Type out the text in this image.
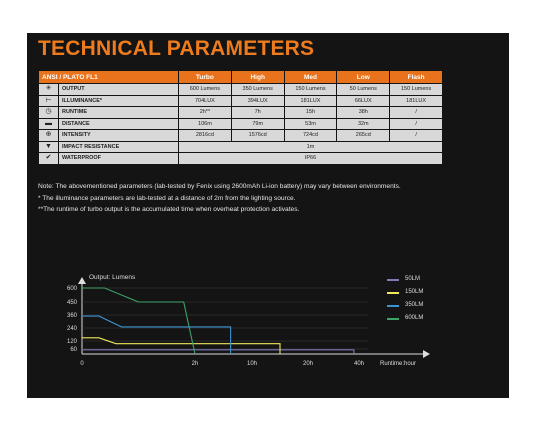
TECHNICAL PARAMETERS
ANSI / PLATO FL1		Turbo	High	Med	Low	Flash
✳	OUTPUT	600 Lumens	350 Lumens	150 Lumens	50 Lumens	150 Lumens
⊢	ILLUMINANCE*	704LUX	394LUX	181LUX	66LUX	181LUX
◷	RUNTIME	2h**	7h	15h	38h	/
▬	DISTANCE	106m	79m	53m	32m	/
⊕	INTENSITY	2816cd	1576cd	724cd	265cd	/
▼	IMPACT RESISTANCE	1m				
✔	WATERPROOF	IP66				

Note: The abovementioned parameters (lab-tested by Fenix using 2600mAh Li-ion battery) may vary between environments.

* The illuminance parameters are lab-tested at a distance of 2m from the lighting source.

**The runtime of turbo output is the accumulated time when overheat protection activates.

600
450
360
240
120
60
0	2h	10h	20h	40h
Output: Lumens
Runtime:hour
50LM
150LM
350LM
600LM
